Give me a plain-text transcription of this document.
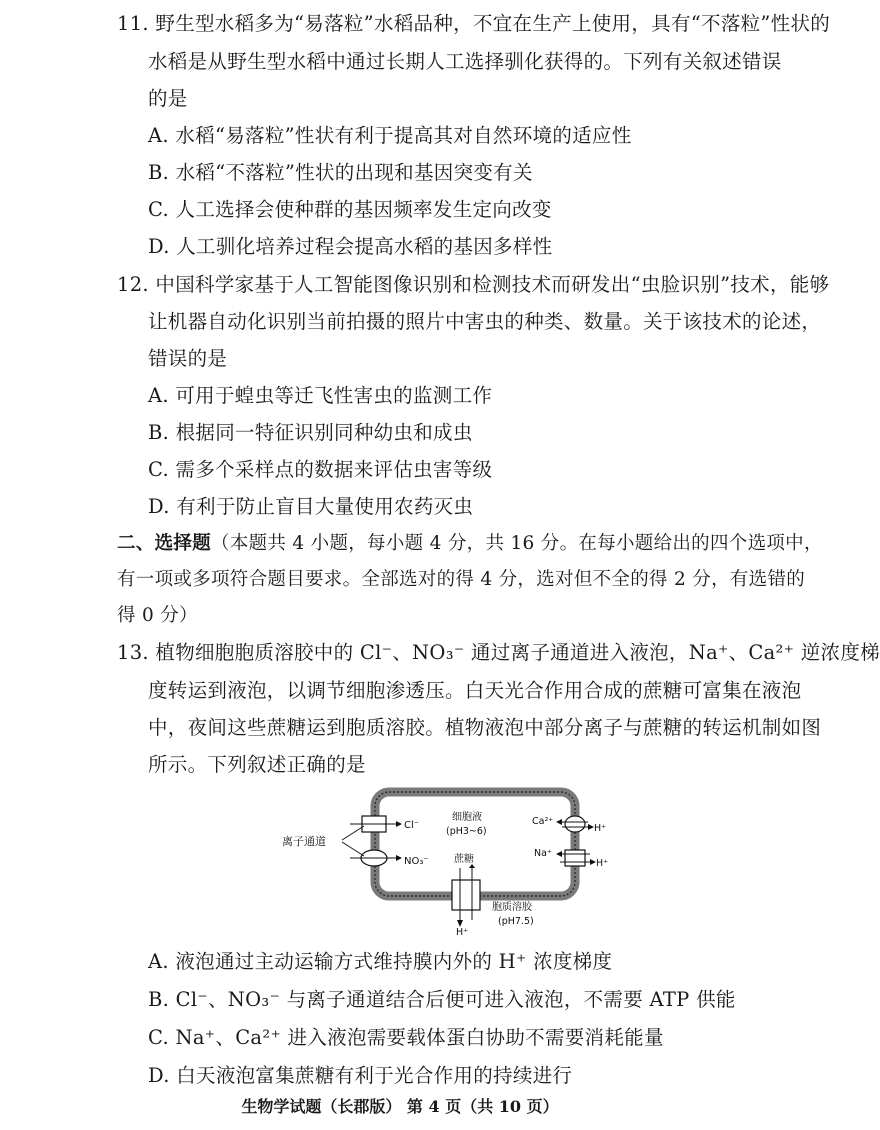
11. 野生型水稻多为“易落粒”水稻品种，不宜在生产上使用，具有“不落粒”性状的
水稻是从野生型水稻中通过长期人工选择驯化获得的。下列有关叙述错误
的是
A. 水稻“易落粒”性状有利于提高其对自然环境的适应性
B. 水稻“不落粒”性状的出现和基因突变有关
C. 人工选择会使种群的基因频率发生定向改变
D. 人工驯化培养过程会提高水稻的基因多样性
12. 中国科学家基于人工智能图像识别和检测技术而研发出“虫脸识别”技术，能够
让机器自动化识别当前拍摄的照片中害虫的种类、数量。关于该技术的论述，
错误的是
A. 可用于蝗虫等迁飞性害虫的监测工作
B. 根据同一特征识别同种幼虫和成虫
C. 需多个采样点的数据来评估虫害等级
D. 有利于防止盲目大量使用农药灭虫
二、选择题（本题共 4 小题，每小题 4 分，共 16 分。在每小题给出的四个选项中，
有一项或多项符合题目要求。全部选对的得 4 分，选对但不全的得 2 分，有选错的
得 0 分）
13. 植物细胞胞质溶胶中的 Cl⁻、NO₃⁻ 通过离子通道进入液泡，Na⁺、Ca²⁺ 逆浓度梯
度转运到液泡，以调节细胞渗透压。白天光合作用合成的蔗糖可富集在液泡
中，夜间这些蔗糖运到胞质溶胶。植物液泡中部分离子与蔗糖的转运机制如图
所示。下列叙述正确的是
离子通道
Cl⁻
NO₃⁻
细胞液
(pH3~6)
蔗糖
H⁺
胞质溶胶
(pH7.5)
Ca²⁺
H⁺
Na⁺
H⁺
A. 液泡通过主动运输方式维持膜内外的 H⁺ 浓度梯度
B. Cl⁻、NO₃⁻ 与离子通道结合后便可进入液泡，不需要 ATP 供能
C. Na⁺、Ca²⁺ 进入液泡需要载体蛋白协助不需要消耗能量
D. 白天液泡富集蔗糖有利于光合作用的持续进行
生物学试题（长郡版） 第 4 页（共 10 页）
